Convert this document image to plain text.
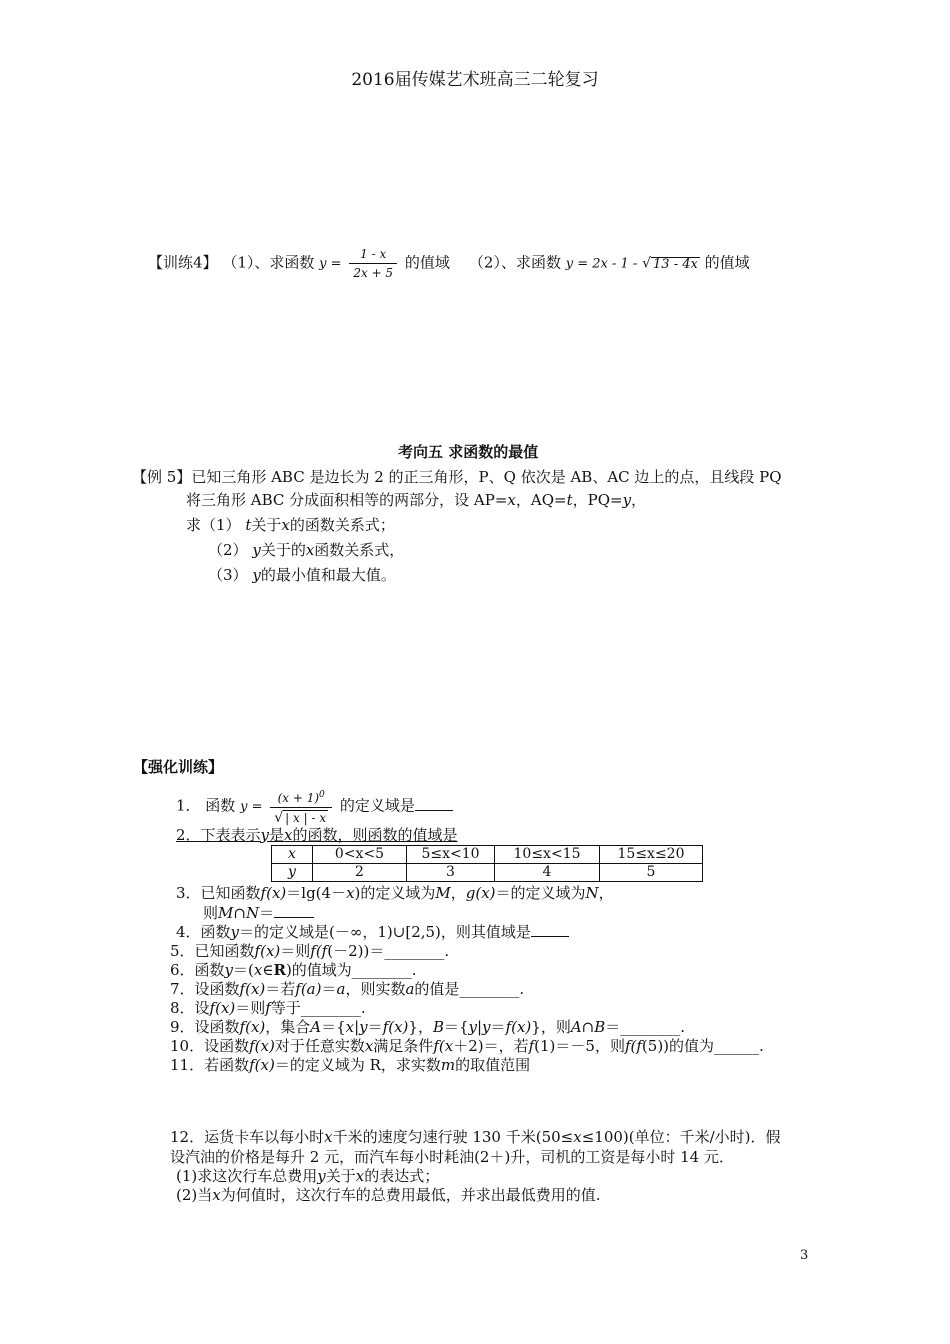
2016届传媒艺术班高三二轮复习
【训练4】 （1）、求函数 $y = \frac{1 - x}{2x + 5}$ 的值域 （2）、求函数 y = 2x - 1 - √ 13 - 4x 的值域
考向五 求函数的最值
【例 5】已知三角形 ABC 是边长为 2 的正三角形，P、Q 依次是 AB、AC 边上的点，且线段 PQ
将三角形 ABC 分成面积相等的两部分，设 AP=x，AQ=t，PQ=y，
求（1） t关于x的函数关系式；
（2） y关于的x函数关系式，
（3） y的最小值和最大值。
【强化训练】
1． 函数 $y = \frac{(x + 1)^0}{√ | x | - x}$ 的定义域是
2．下表表示y是x的函数，则函数的值域是
x	0<x<5	5≤x<10	10≤x<15	15≤x≤20
y	2	3	4	5
3．已知函数f(x)＝lg(4－x)的定义域为M，g(x)＝的定义域为N，
则M∩N＝
4．函数y＝的定义域是(－∞，1)∪[2,5)，则其值域是
5．已知函数f(x)＝则f(f(－2))＝________.
6．函数y＝(x∈R)的值域为________.
7．设函数f(x)＝若f(a)＝a，则实数a的值是________.
8．设f(x)＝则f等于________.
9．设函数f(x)，集合A＝{x|y＝f(x)}，B＝{y|y＝f(x)}，则A∩B＝________.
10．设函数f(x)对于任意实数x满足条件f(x＋2)＝，若f(1)＝－5，则f(f(5))的值为______.
11．若函数f(x)＝的定义域为 R，求实数m的取值范围
12．运货卡车以每小时x千米的速度匀速行驶 130 千米(50≤x≤100)(单位：千米/小时)．假
设汽油的价格是每升 2 元，而汽车每小时耗油(2＋)升，司机的工资是每小时 14 元．
(1)求这次行车总费用y关于x的表达式；
(2)当x为何值时，这次行车的总费用最低，并求出最低费用的值.
3
